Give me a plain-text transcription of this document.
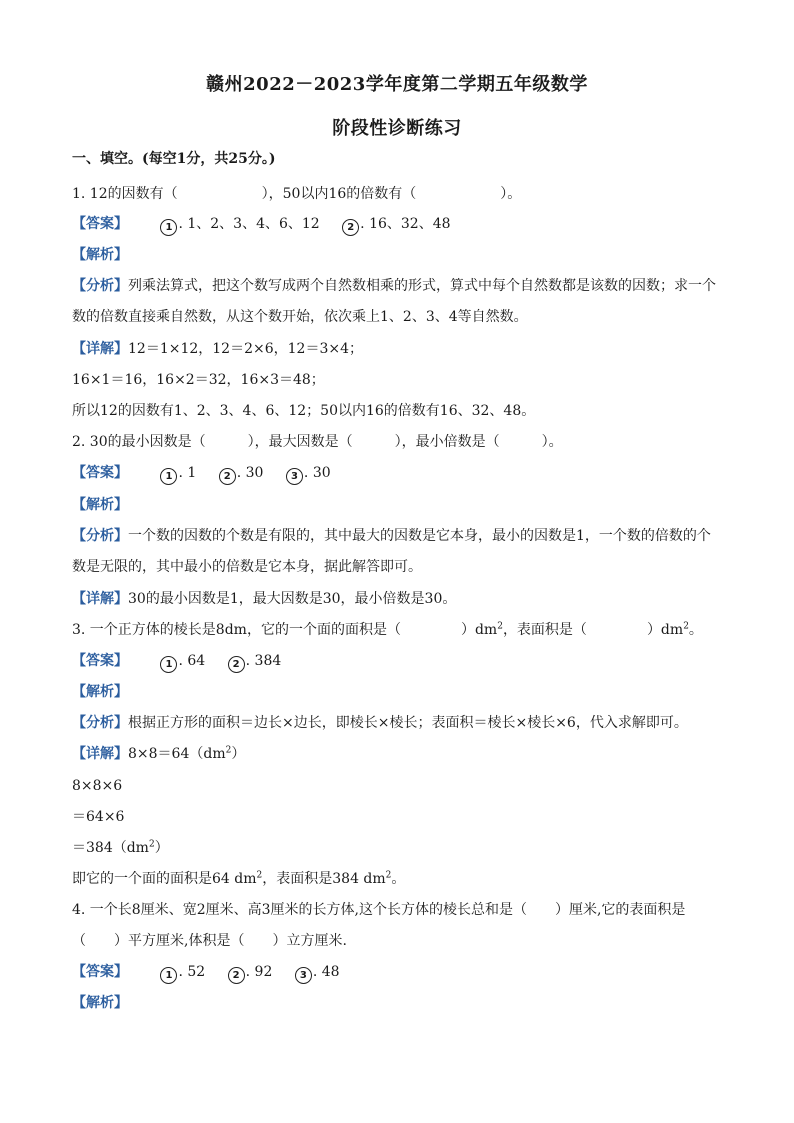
赣州2022－2023学年度第二学期五年级数学
阶段性诊断练习
一、填空。(每空1分，共25分。)
1. 12的因数有（	），50以内16的倍数有（	）。
【答案】	1 . 1、2、3、4、6、12	2 . 16、32、48
【解析】
【分析】列乘法算式，把这个数写成两个自然数相乘的形式，算式中每个自然数都是该数的因数；求一个
数的倍数直接乘自然数，从这个数开始，依次乘上1、2、3、4等自然数。
【详解】12＝1×12，12＝2×6，12＝3×4；
16×1＝16，16×2＝32，16×3＝48；
所以12的因数有1、2、3、4、6、12；50以内16的倍数有16、32、48。
2. 30的最小因数是（	），最大因数是（	），最小倍数是（	）。
【答案】	1 . 1	2 . 30	3 . 30
【解析】
【分析】一个数的因数的个数是有限的，其中最大的因数是它本身，最小的因数是1，一个数的倍数的个
数是无限的，其中最小的倍数是它本身，据此解答即可。
【详解】30的最小因数是1，最大因数是30，最小倍数是30。
3. 一个正方体的棱长是8dm，它的一个面的面积是（	）$dm^2$，表面积是（	）$dm^2$。
【答案】	1 . 64	2 . 384
【解析】
【分析】根据正方形的面积＝边长×边长，即棱长×棱长；表面积＝棱长×棱长×6，代入求解即可。
【详解】$8\times 8=64(dm^2)$
8×8×6
＝64×6
$=384(dm^2)$
即它的一个面的面积是64 $dm^2$，表面积是384 $dm^2$。
4. 一个长8厘米、宽2厘米、高3厘米的长方体,这个长方体的棱长总和是（　　）厘米,它的表面积是
（　　）平方厘米,体积是（　　）立方厘米.
【答案】	1 . 52	2 . 92	3 . 48
【解析】
